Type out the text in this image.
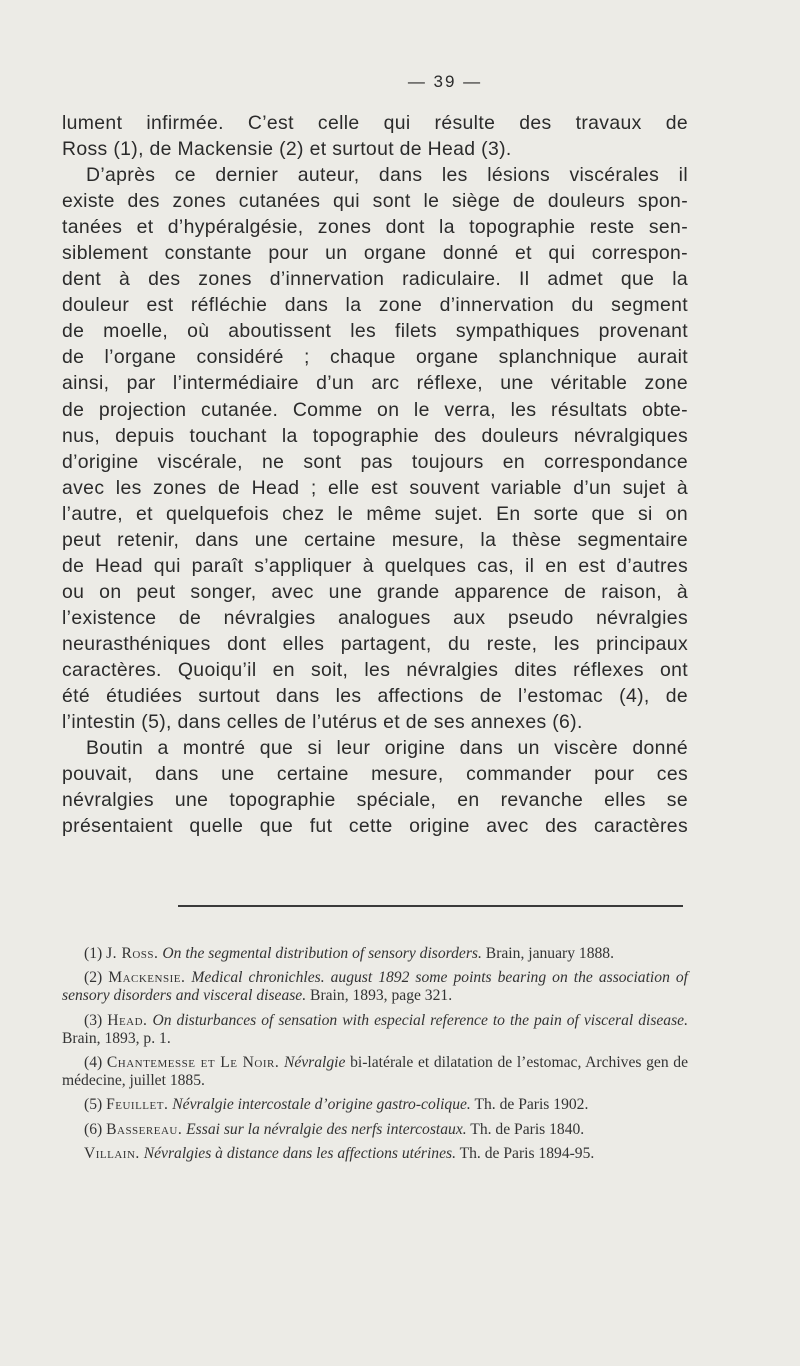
— 39 —
lument infirmée. C’est celle qui résulte des travaux de
Ross (1), de Mackensie (2) et surtout de Head (3).
D’après ce dernier auteur, dans les lésions viscérales il
existe des zones cutanées qui sont le siège de douleurs spon-
tanées et d’hypéralgésie, zones dont la topographie reste sen-
siblement constante pour un organe donné et qui correspon-
dent à des zones d’innervation radiculaire. Il admet que la
douleur est réfléchie dans la zone d’innervation du segment
de moelle, où aboutissent les filets sympathiques provenant
de l’organe considéré ; chaque organe splanchnique aurait
ainsi, par l’intermédiaire d’un arc réflexe, une véritable zone
de projection cutanée. Comme on le verra, les résultats obte-
nus, depuis touchant la topographie des douleurs névralgiques
d’origine viscérale, ne sont pas toujours en correspondance
avec les zones de Head ; elle est souvent variable d’un sujet à
l’autre, et quelquefois chez le même sujet. En sorte que si on
peut retenir, dans une certaine mesure, la thèse segmentaire
de Head qui paraît s’appliquer à quelques cas, il en est d’autres
ou on peut songer, avec une grande apparence de raison, à
l’existence de névralgies analogues aux pseudo névralgies
neurasthéniques dont elles partagent, du reste, les principaux
caractères. Quoiqu’il en soit, les névralgies dites réflexes ont
été étudiées surtout dans les affections de l’estomac (4), de
l’intestin (5), dans celles de l’utérus et de ses annexes (6).
Boutin a montré que si leur origine dans un viscère donné
pouvait, dans une certaine mesure, commander pour ces
névralgies une topographie spéciale, en revanche elles se
présentaient quelle que fut cette origine avec des caractères

(1) J. Ross. On the segmental distribution of sensory disorders. Brain, january 1888.

(2) Mackensie. Medical chronichles. august 1892 some points bearing on the association of sensory disorders and visceral disease. Brain, 1893, page 321.

(3) Head. On disturbances of sensation with especial reference to the pain of visceral disease. Brain, 1893, p. 1.

(4) Chantemesse et Le Noir. Névralgie bi-latérale et dilatation de l’estomac, Archives gen de médecine, juillet 1885.

(5) Feuillet. Névralgie intercostale d’origine gastro-colique. Th. de Paris 1902.

(6) Bassereau. Essai sur la névralgie des nerfs intercostaux. Th. de Paris 1840.

Villain. Névralgies à distance dans les affections utérines. Th. de Paris 1894-95.
